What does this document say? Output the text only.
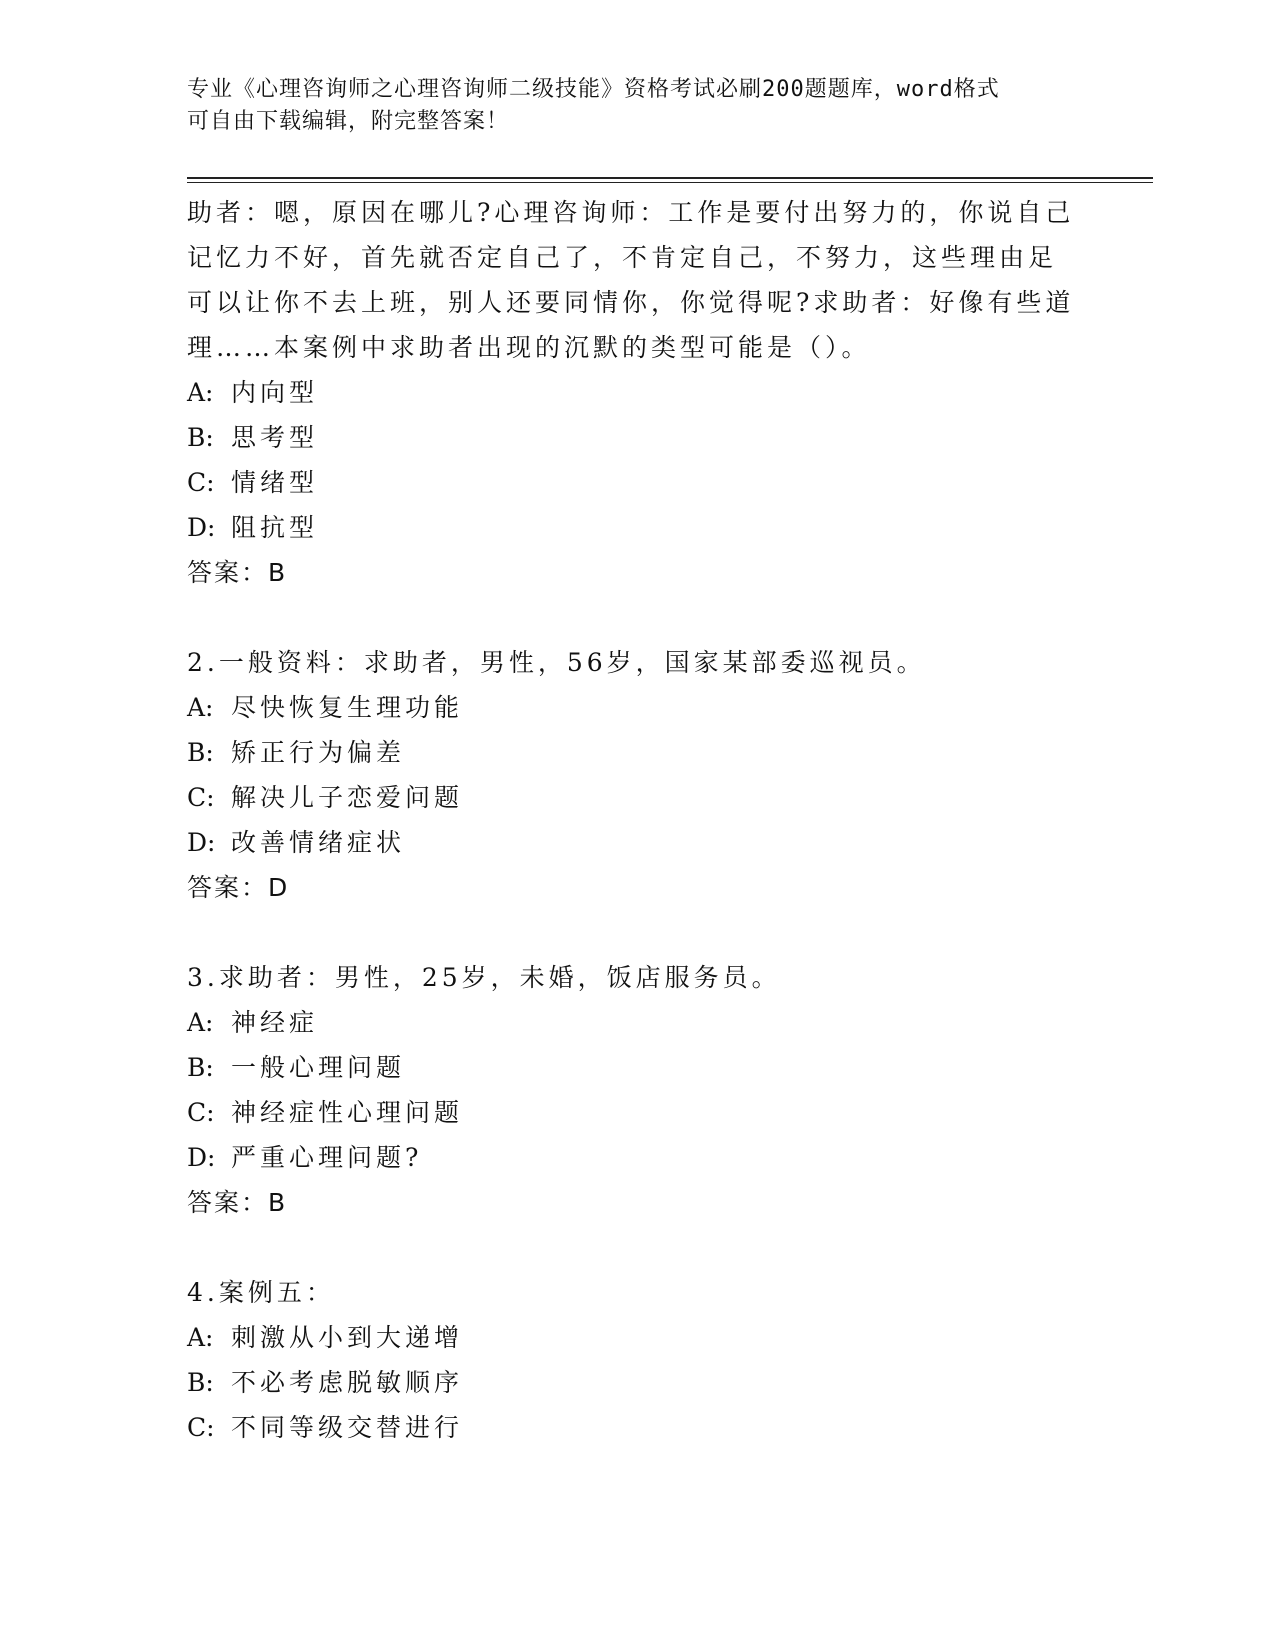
专业《心理咨询师之心理咨询师二级技能》资格考试必刷200题题库，word格式
可自由下载编辑，附完整答案！
助者：嗯，原因在哪儿?心理咨询师：工作是要付出努力的，你说自己
记忆力不好，首先就否定自己了，不肯定自己，不努力，这些理由足
可以让你不去上班，别人还要同情你，你觉得呢?求助者：好像有些道
理……本案例中求助者出现的沉默的类型可能是（）。
A: 内向型
B: 思考型
C: 情绪型
D: 阻抗型
答案：B
2.一般资料：求助者，男性，56岁，国家某部委巡视员。
A: 尽快恢复生理功能
B: 矫正行为偏差
C: 解决儿子恋爱问题
D: 改善情绪症状
答案：D
3.求助者：男性，25岁，未婚，饭店服务员。
A: 神经症
B: 一般心理问题
C: 神经症性心理问题
D: 严重心理问题?
答案：B
4.案例五：
A: 刺激从小到大递增
B: 不必考虑脱敏顺序
C: 不同等级交替进行
